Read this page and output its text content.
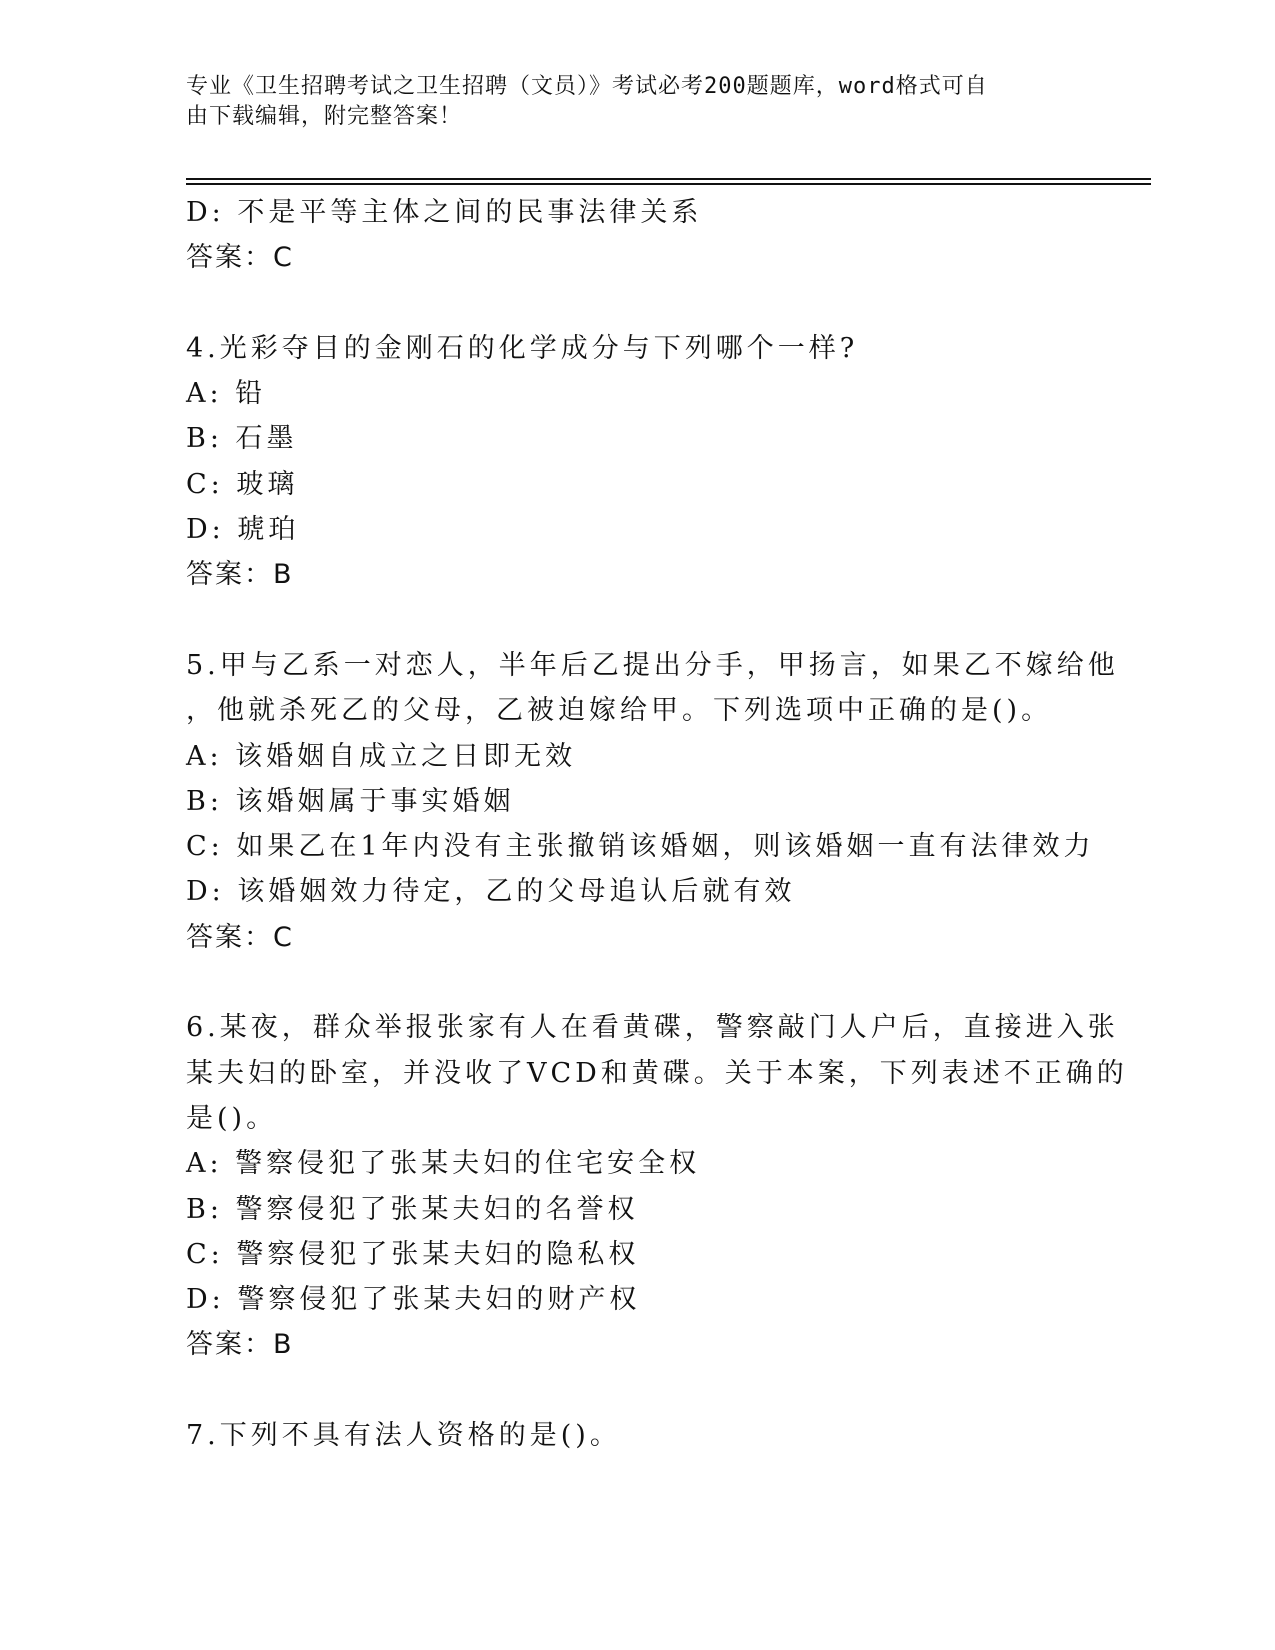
专业《卫生招聘考试之卫生招聘（文员）》考试必考200题题库，word格式可自
由下载编辑，附完整答案！
D: 不是平等主体之间的民事法律关系
答案：C
4.光彩夺目的金刚石的化学成分与下列哪个一样?
A: 铅
B: 石墨
C: 玻璃
D: 琥珀
答案：B
5.甲与乙系一对恋人，半年后乙提出分手，甲扬言，如果乙不嫁给他
，他就杀死乙的父母，乙被迫嫁给甲。下列选项中正确的是()。
A: 该婚姻自成立之日即无效
B: 该婚姻属于事实婚姻
C: 如果乙在1年内没有主张撤销该婚姻，则该婚姻一直有法律效力
D: 该婚姻效力待定，乙的父母追认后就有效
答案：C
6.某夜，群众举报张家有人在看黄碟，警察敲门人户后，直接进入张
某夫妇的卧室，并没收了VCD和黄碟。关于本案，下列表述不正确的
是()。
A: 警察侵犯了张某夫妇的住宅安全权
B: 警察侵犯了张某夫妇的名誉权
C: 警察侵犯了张某夫妇的隐私权
D: 警察侵犯了张某夫妇的财产权
答案：B
7.下列不具有法人资格的是()。
